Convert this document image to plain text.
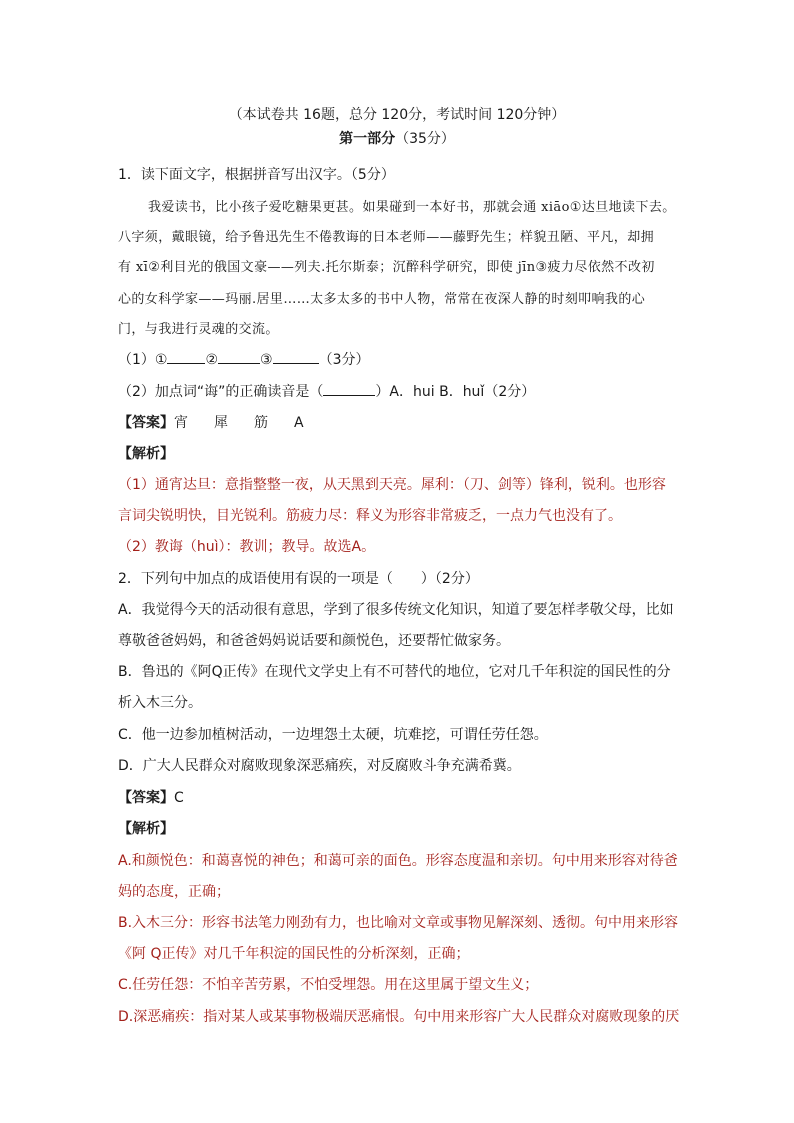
（本试卷共 16题，总分 120分，考试时间 120分钟）
第一部分（35分）
1．读下面文字，根据拼音写出汉字。（5分）
我爱读书，比小孩子爱吃糖果更甚。如果碰到一本好书，那就会通 xiāo①达旦地读下去。
八字须，戴眼镜，给予鲁迅先生不倦教诲的日本老师——藤野先生；样貌丑陋、平凡，却拥
有 xī②利目光的俄国文豪——列夫.托尔斯泰；沉醉科学研究，即使 jīn③疲力尽依然不改初
心的女科学家——玛丽.居里……太多太多的书中人物，常常在夜深人静的时刻叩响我的心
门，与我进行灵魂的交流。
（1）①	②	③	（3分）
（2）加点词“诲”的正确读音是（	）A．hui B．huǐ（2分）
【答案】宵 犀 筋 A
【解析】
（1）通宵达旦：意指整整一夜，从天黑到天亮。犀利：（刀、剑等）锋利，锐利。也形容
言词尖锐明快，目光锐利。筋疲力尽：释义为形容非常疲乏，一点力气也没有了。
（2）教诲（huì）：教训；教导。故选A。
2．下列句中加点的成语使用有误的一项是（　　）（2分）
A．我觉得今天的活动很有意思，学到了很多传统文化知识，知道了要怎样孝敬父母，比如
尊敬爸爸妈妈，和爸爸妈妈说话要和颜悦色，还要帮忙做家务。
B．鲁迅的《阿Q正传》在现代文学史上有不可替代的地位，它对几千年积淀的国民性的分
析入木三分。
C．他一边参加植树活动，一边埋怨土太硬，坑难挖，可谓任劳任怨。
D．广大人民群众对腐败现象深恶痛疾，对反腐败斗争充满希冀。
【答案】C
【解析】
A.和颜悦色：和蔼喜悦的神色；和蔼可亲的面色。形容态度温和亲切。句中用来形容对待爸
妈的态度，正确；
B.入木三分：形容书法笔力刚劲有力，也比喻对文章或事物见解深刻、透彻。句中用来形容
《阿 Q正传》对几千年积淀的国民性的分析深刻，正确；
C.任劳任怨：不怕辛苦劳累，不怕受埋怨。用在这里属于望文生义；
D.深恶痛疾：指对某人或某事物极端厌恶痛恨。句中用来形容广大人民群众对腐败现象的厌
